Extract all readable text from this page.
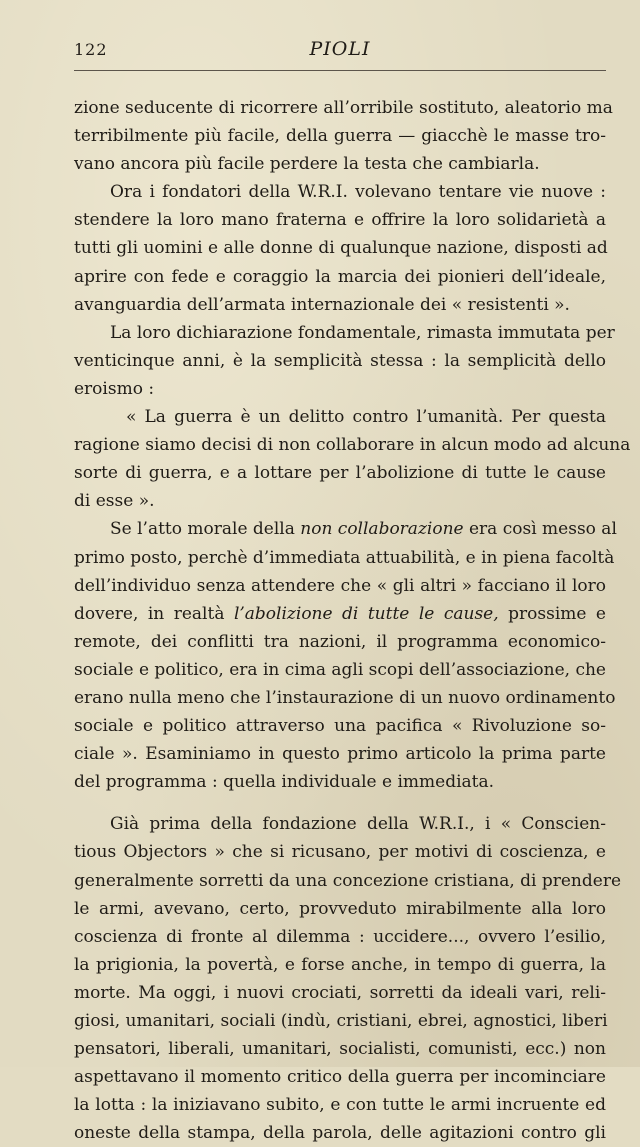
122	PIOLI
zione seducente di ricorrere all’orribile sostituto, aleatorio ma
terribilmente più facile, della guerra — giacchè le masse tro-
vano ancora più facile perdere la testa che cambiarla.
Ora i fondatori della W.R.I. volevano tentare vie nuove :
stendere la loro mano fraterna e offrire la loro solidarietà a
tutti gli uomini e alle donne di qualunque nazione, disposti ad
aprire con fede e coraggio la marcia dei pionieri dell’ideale,
avanguardia dell’armata internazionale dei « resistenti ».
La loro dichiarazione fondamentale, rimasta immutata per
venticinque anni, è la semplicità stessa : la semplicità dello
eroismo :
« La guerra è un delitto contro l’umanità. Per questa
ragione siamo decisi di non collaborare in alcun modo ad alcuna
sorte di guerra, e a lottare per l’abolizione di tutte le cause
di esse ».
Se l’atto morale della non collaborazione era così messo al
primo posto, perchè d’immediata attuabilità, e in piena facoltà
dell’individuo senza attendere che « gli altri » facciano il loro
dovere, in realtà l’abolizione di tutte le cause, prossime e
remote, dei conflitti tra nazioni, il programma economico-
sociale e politico, era in cima agli scopi dell’associazione, che
erano nulla meno che l’instaurazione di un nuovo ordinamento
sociale e politico attraverso una pacifica « Rivoluzione so-
ciale ». Esaminiamo in questo primo articolo la prima parte
del programma : quella individuale e immediata.
Già prima della fondazione della W.R.I., i « Conscien-
tious Objectors » che si ricusano, per motivi di coscienza, e
generalmente sorretti da una concezione cristiana, di prendere
le armi, avevano, certo, provveduto mirabilmente alla loro
coscienza di fronte al dilemma : uccidere..., ovvero l’esilio,
la prigionia, la povertà, e forse anche, in tempo di guerra, la
morte. Ma oggi, i nuovi crociati, sorretti da ideali vari, reli-
giosi, umanitari, sociali (indù, cristiani, ebrei, agnostici, liberi
pensatori, liberali, umanitari, socialisti, comunisti, ecc.) non
aspettavano il momento critico della guerra per incominciare
la lotta : la iniziavano subito, e con tutte le armi incruente ed
oneste della stampa, della parola, delle agitazioni contro gli
